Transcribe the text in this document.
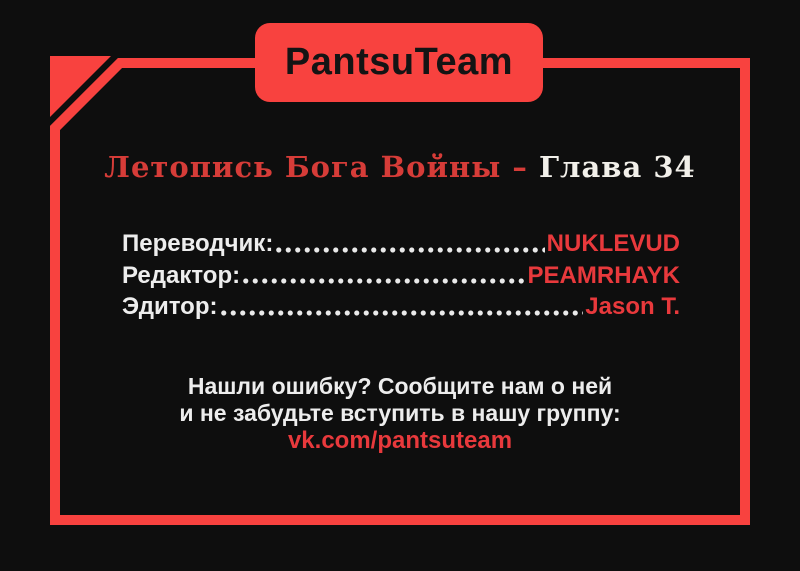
PantsuTeam
Летопись Бога Войны – Глава 34
Переводчик:	NUKLEVUD
Редактор:	PEAMRHAYK
Эдитор:	Jason T.
Нашли ошибку? Сообщите нам о ней
и не забудьте вступить в нашу группу:
vk.com/pantsuteam
